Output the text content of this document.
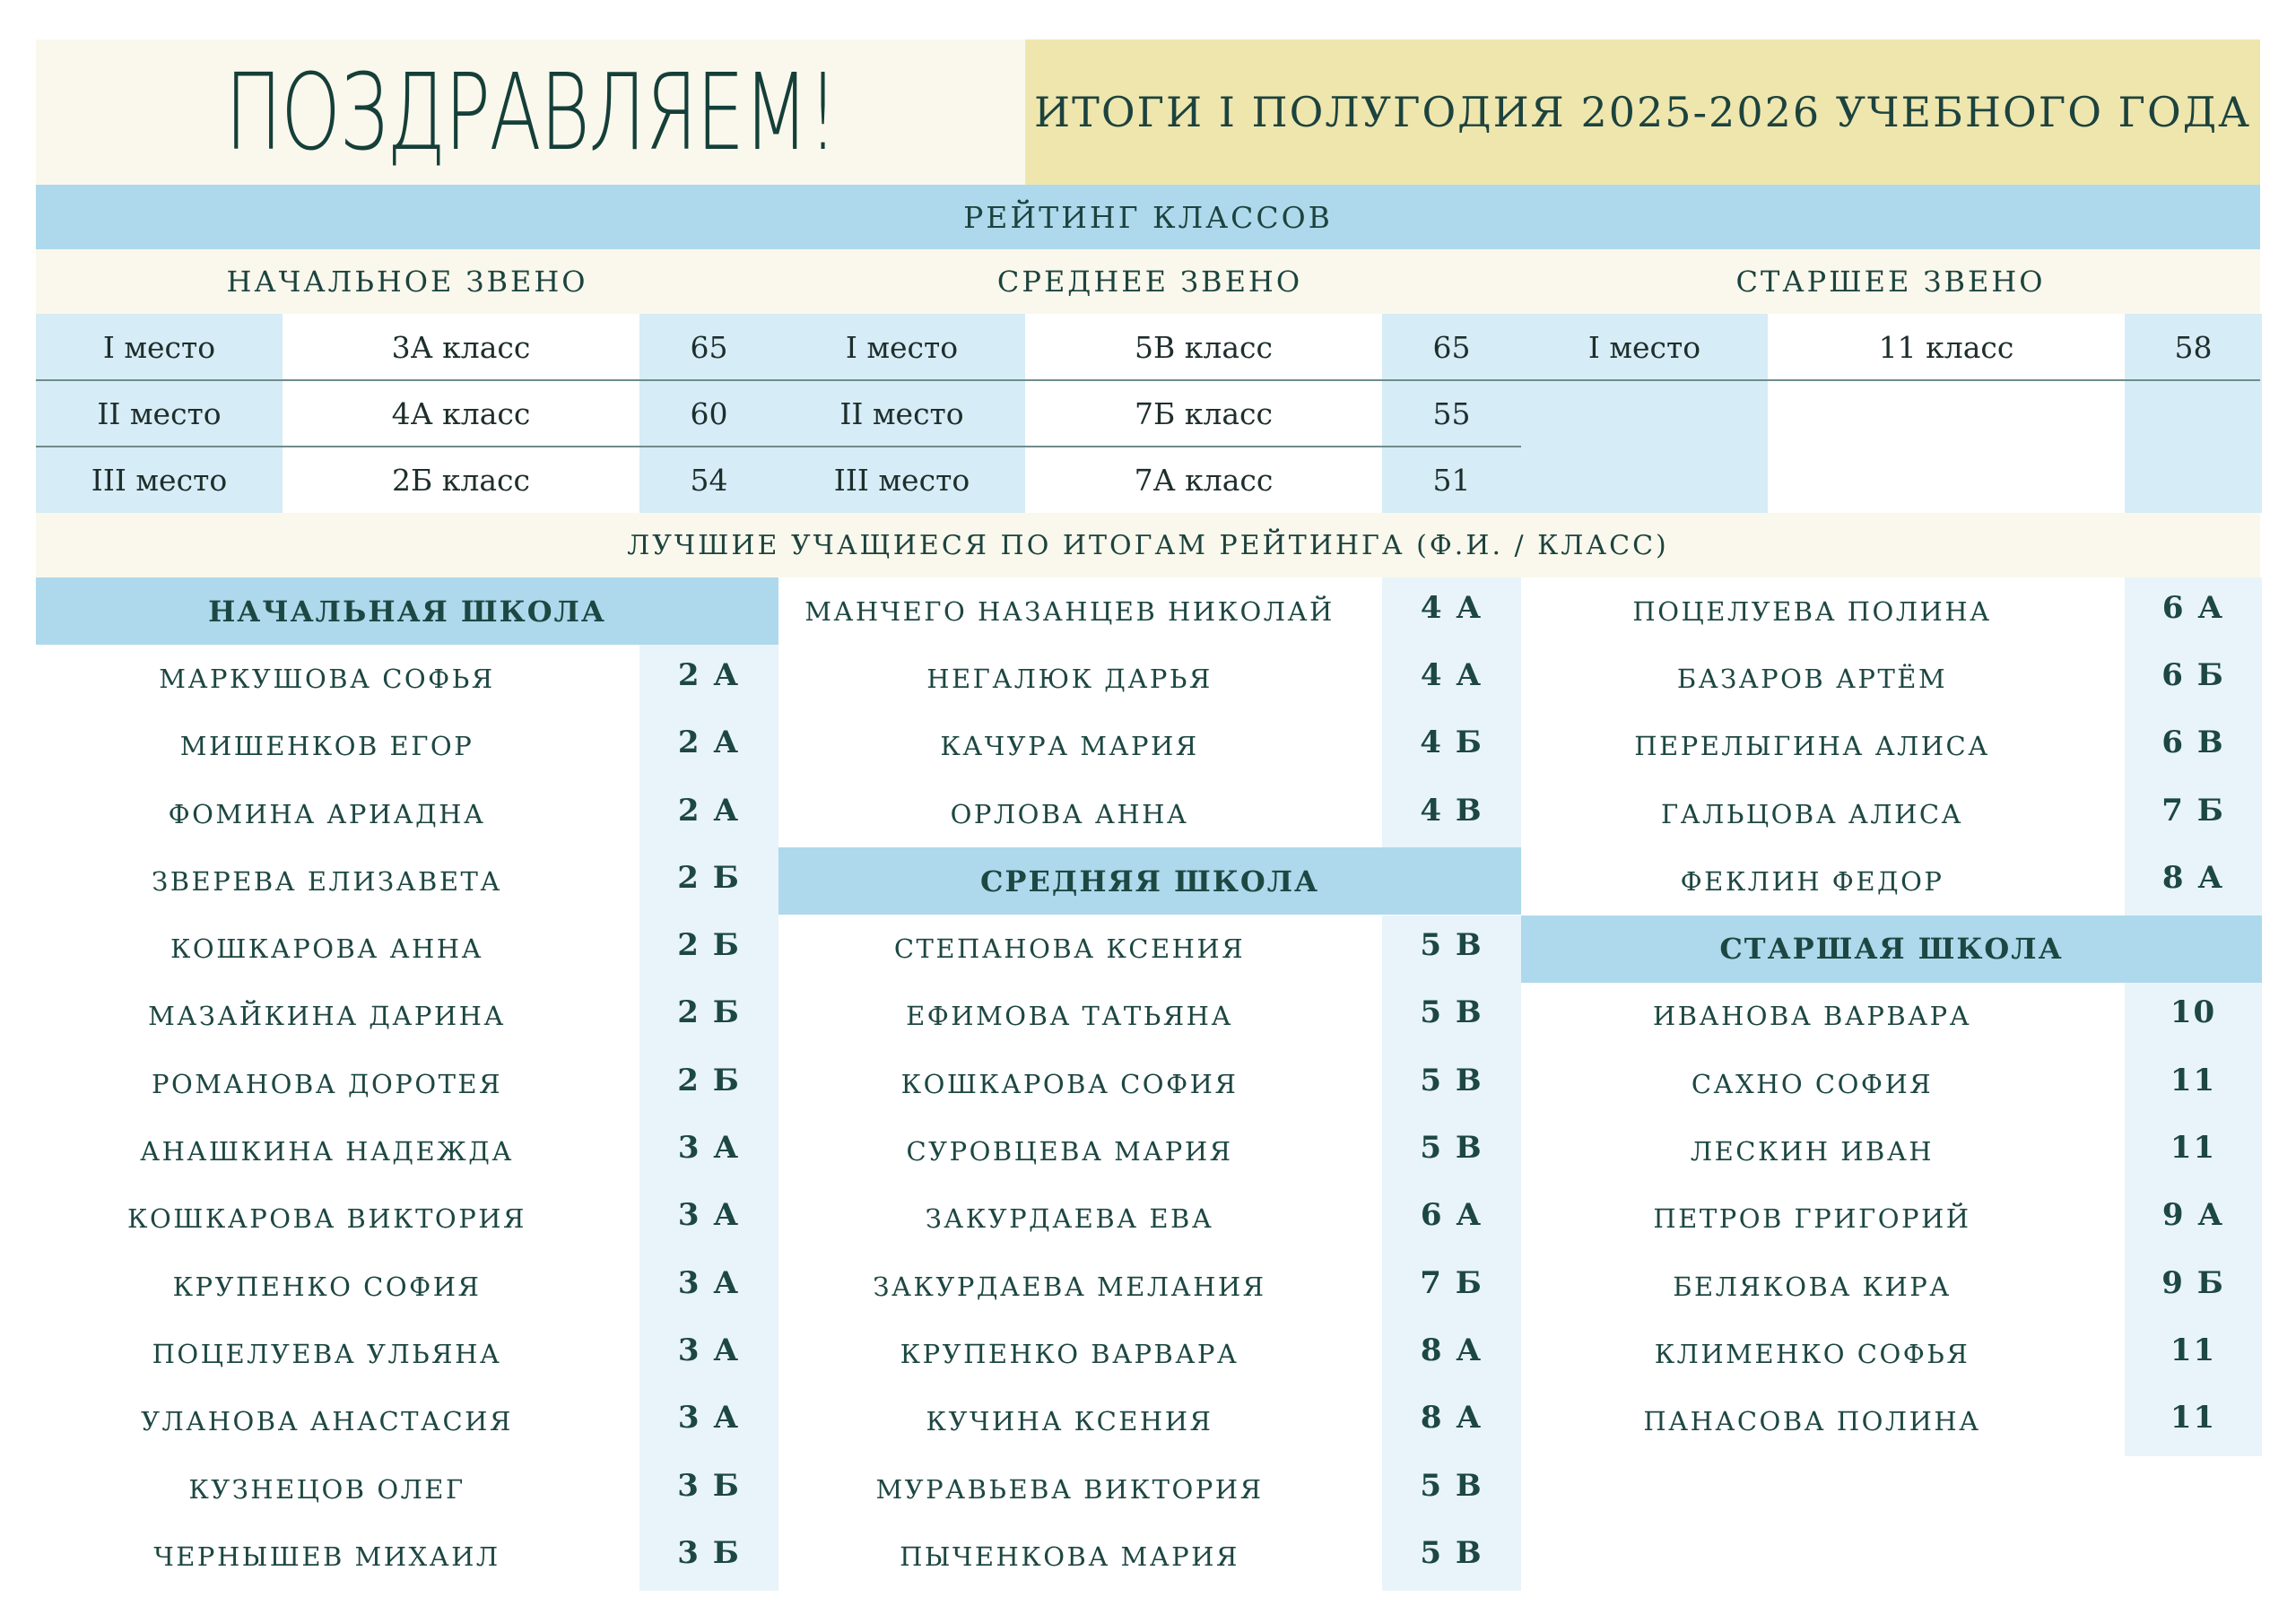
ПОЗДРАВЛЯЕМ!	ИТОГИ I ПОЛУГОДИЯ 2025-2026 УЧЕБНОГО ГОДА
РЕЙТИНГ КЛАССОВ
НАЧАЛЬНОЕ ЗВЕНО	СРЕДНЕЕ ЗВЕНО	СТАРШЕЕ ЗВЕНО
I место	3А класс	65
II место	4А класс	60
III место	2Б класс	54
I место	5В класс	65
II место	7Б класс	55
III место	7А класс	51
I место	11 класс	58
ЛУЧШИЕ УЧАЩИЕСЯ ПО ИТОГАМ РЕЙТИНГА (Ф.И. / КЛАСС)
НАЧАЛЬНАЯ ШКОЛА
МАРКУШОВА СОФЬЯ	2 А
МИШЕНКОВ ЕГОР	2 А
ФОМИНА АРИАДНА	2 А
ЗВЕРЕВА ЕЛИЗАВЕТА	2 Б
КОШКАРОВА АННА	2 Б
МАЗАЙКИНА ДАРИНА	2 Б
РОМАНОВА ДОРОТЕЯ	2 Б
АНАШКИНА НАДЕЖДА	3 А
КОШКАРОВА ВИКТОРИЯ	3 А
КРУПЕНКО СОФИЯ	3 А
ПОЦЕЛУЕВА УЛЬЯНА	3 А
УЛАНОВА АНАСТАСИЯ	3 А
КУЗНЕЦОВ ОЛЕГ	3 Б
ЧЕРНЫШЕВ МИХАИЛ	3 Б
МАНЧЕГО НАЗАНЦЕВ НИКОЛАЙ	4 А
НЕГАЛЮК ДАРЬЯ	4 А
КАЧУРА МАРИЯ	4 Б
ОРЛОВА АННА	4 В
СРЕДНЯЯ ШКОЛА
СТЕПАНОВА КСЕНИЯ	5 В
ЕФИМОВА ТАТЬЯНА	5 В
КОШКАРОВА СОФИЯ	5 В
СУРОВЦЕВА МАРИЯ	5 В
ЗАКУРДАЕВА ЕВА	6 А
ЗАКУРДАЕВА МЕЛАНИЯ	7 Б
КРУПЕНКО ВАРВАРА	8 А
КУЧИНА КСЕНИЯ	8 А
МУРАВЬЕВА ВИКТОРИЯ	5 В
ПЫЧЕНКОВА МАРИЯ	5 В
ПОЦЕЛУЕВА ПОЛИНА	6 А
БАЗАРОВ АРТЁМ	6 Б
ПЕРЕЛЫГИНА АЛИСА	6 В
ГАЛЬЦОВА АЛИСА	7 Б
ФЕКЛИН ФЕДОР	8 А
СТАРШАЯ ШКОЛА
ИВАНОВА ВАРВАРА	10
САХНО СОФИЯ	11
ЛЕСКИН ИВАН	11
ПЕТРОВ ГРИГОРИЙ	9 А
БЕЛЯКОВА КИРА	9 Б
КЛИМЕНКО СОФЬЯ	11
ПАНАСОВА ПОЛИНА	11
